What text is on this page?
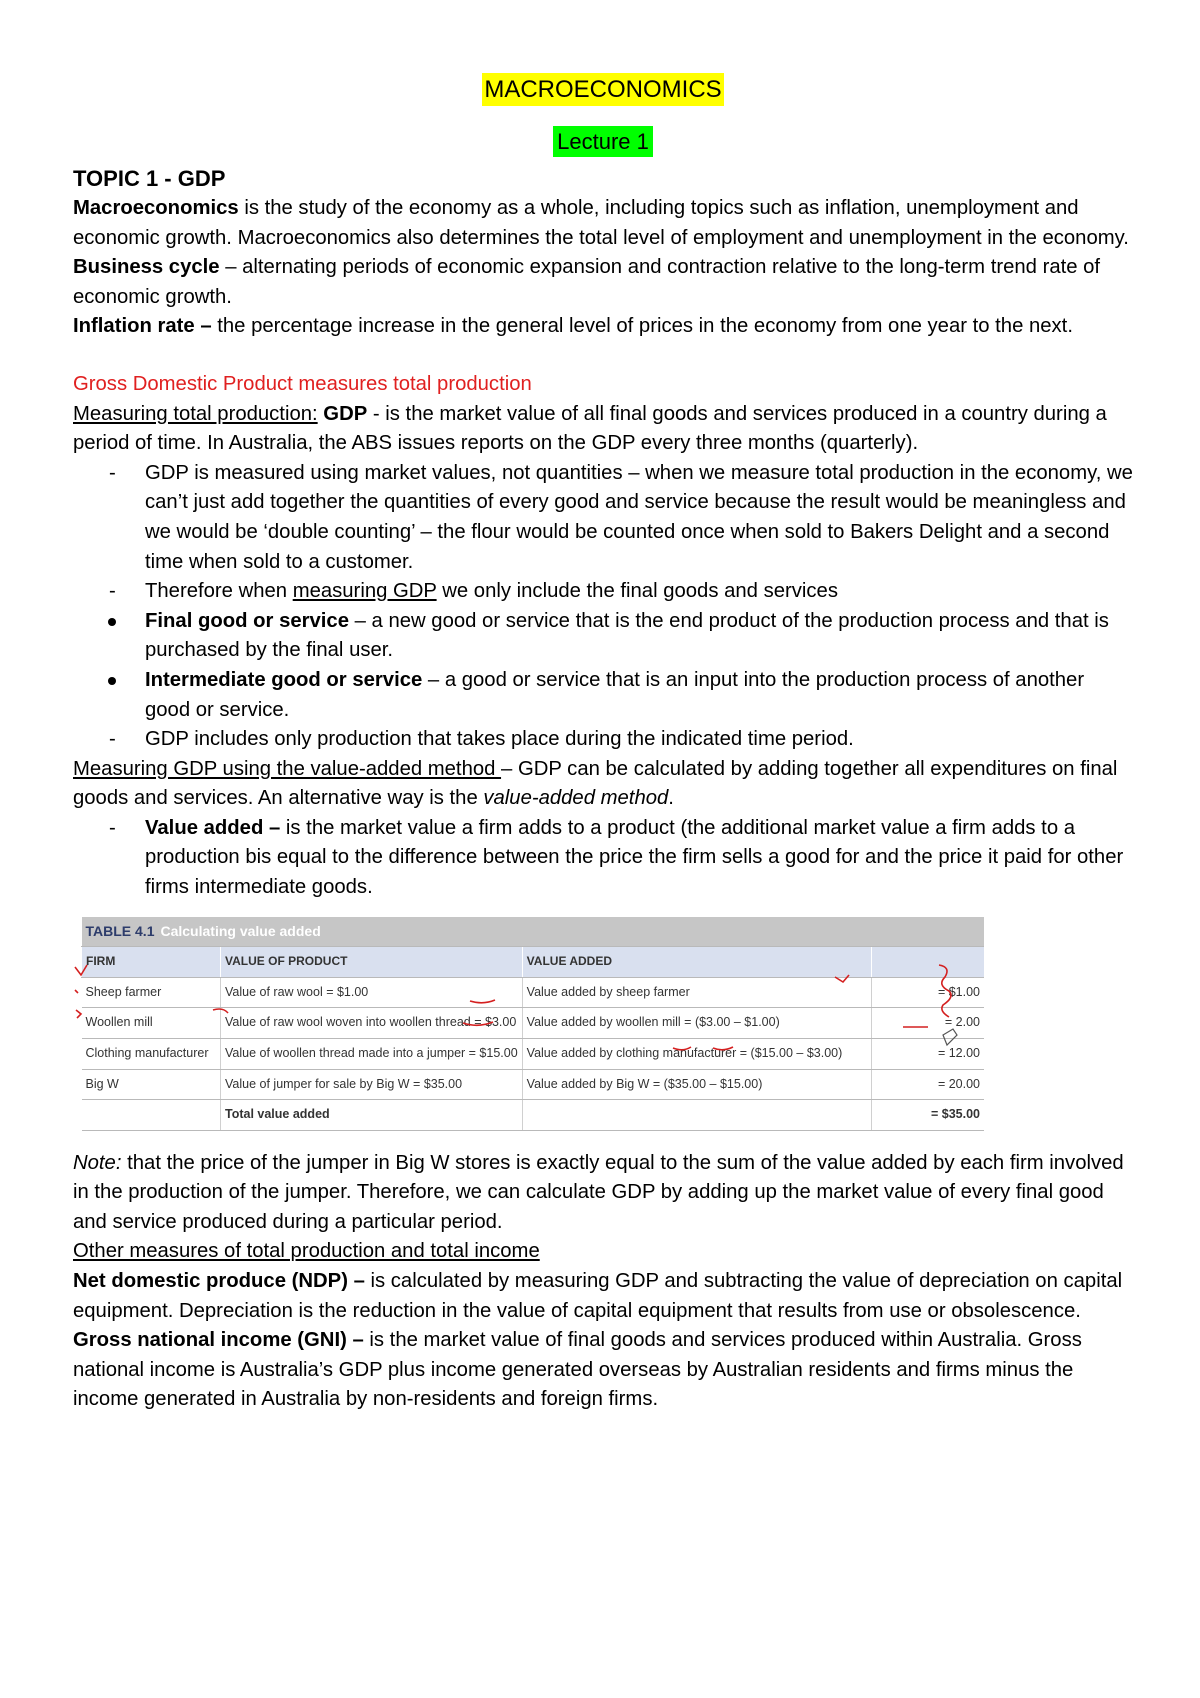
MACROECONOMICS
Lecture 1
TOPIC 1 - GDP

Macroeconomics is the study of the economy as a whole, including topics such as inflation, unemployment and economic growth. Macroeconomics also determines the total level of employment and unemployment in the economy.

Business cycle – alternating periods of economic expansion and contraction relative to the long-term trend rate of economic growth.

Inflation rate – the percentage increase in the general level of prices in the economy from one year to the next.

Gross Domestic Product measures total production

Measuring total production: GDP - is the market value of all final goods and services produced in a country during a period of time. In Australia, the ABS issues reports on the GDP every three months (quarterly).

- GDP is measured using market values, not quantities – when we measure total production in the economy, we can’t just add together the quantities of every good and service because the result would be meaningless and we would be ‘double counting’ – the flour would be counted once when sold to Bakers Delight and a second time when sold to a customer.
- Therefore when measuring GDP we only include the final goods and services
Final good or service – a new good or service that is the end product of the production process and that is purchased by the final user.
Intermediate good or service – a good or service that is an input into the production process of another good or service.
- GDP includes only production that takes place during the indicated time period.

Measuring GDP using the value-added method – GDP can be calculated by adding together all expenditures on final goods and services. An alternative way is the value-added method.

- Value added – is the market value a firm adds to a product (the additional market value a firm adds to a production bis equal to the difference between the price the firm sells a good for and the price it paid for other firms intermediate goods.
TABLE 4.1 Calculating value added			
FIRM	VALUE OF PRODUCT	VALUE ADDED	
Sheep farmer	Value of raw wool = $1.00	Value added by sheep farmer	= $1.00
Woollen mill	Value of raw wool woven into woollen thread = $3.00	Value added by woollen mill = ($3.00 – $1.00)	= 2.00
Clothing manufacturer	Value of woollen thread made into a jumper = $15.00	Value added by clothing manufacturer = ($15.00 – $3.00)	= 12.00
Big W	Value of jumper for sale by Big W = $35.00	Value added by Big W = ($35.00 – $15.00)	= 20.00
	Total value added		= $35.00

Note: that the price of the jumper in Big W stores is exactly equal to the sum of the value added by each firm involved in the production of the jumper. Therefore, we can calculate GDP by adding up the market value of every final good and service produced during a particular period.

Other measures of total production and total income

Net domestic produce (NDP) – is calculated by measuring GDP and subtracting the value of depreciation on capital equipment. Depreciation is the reduction in the value of capital equipment that results from use or obsolescence.

Gross national income (GNI) – is the market value of final goods and services produced within Australia. Gross national income is Australia’s GDP plus income generated overseas by Australian residents and firms minus the income generated in Australia by non-residents and foreign firms.
